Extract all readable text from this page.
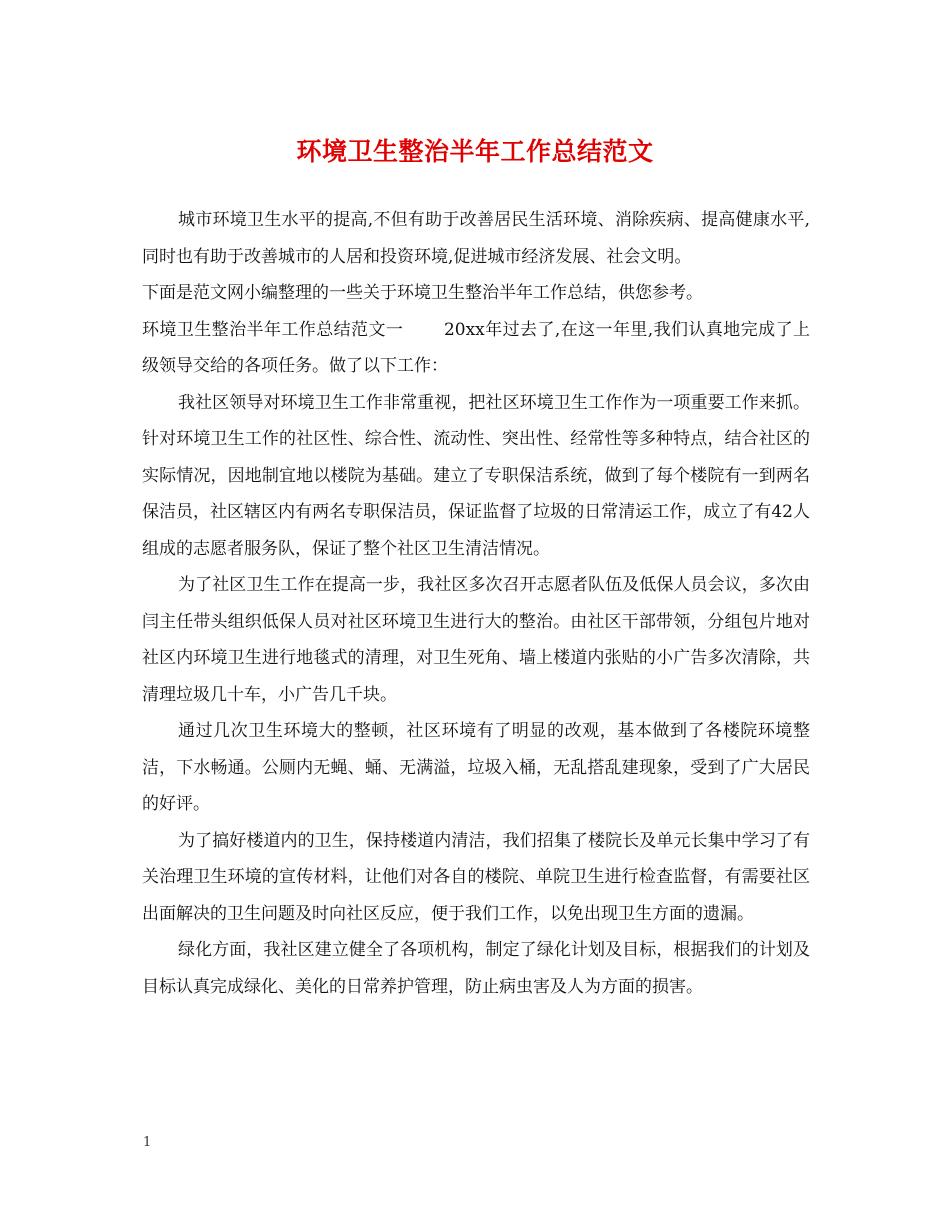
环境卫生整治半年工作总结范文

城市环境卫生水平的提高,不但有助于改善居民生活环境、消除疾病、提高健康水平,同时也有助于改善城市的人居和投资环境,促进城市经济发展、社会文明。

下面是范文网小编整理的一些关于环境卫生整治半年工作总结，供您参考。

环境卫生整治半年工作总结范文一　　 20xx年过去了,在这一年里,我们认真地完成了上级领导交给的各项任务。做了以下工作：

我社区领导对环境卫生工作非常重视，把社区环境卫生工作作为一项重要工作来抓。针对环境卫生工作的社区性、综合性、流动性、突出性、经常性等多种特点，结合社区的实际情况，因地制宜地以楼院为基础。建立了专职保洁系统，做到了每个楼院有一到两名保洁员，社区辖区内有两名专职保洁员，保证监督了垃圾的日常清运工作，成立了有42人组成的志愿者服务队，保证了整个社区卫生清洁情况。

为了社区卫生工作在提高一步，我社区多次召开志愿者队伍及低保人员会议，多次由闫主任带头组织低保人员对社区环境卫生进行大的整治。由社区干部带领，分组包片地对社区内环境卫生进行地毯式的清理，对卫生死角、墙上楼道内张贴的小广告多次清除，共清理垃圾几十车，小广告几千块。

通过几次卫生环境大的整顿，社区环境有了明显的改观，基本做到了各楼院环境整洁，下水畅通。公厕内无蝇、蛹、无满溢，垃圾入桶，无乱搭乱建现象，受到了广大居民的好评。

为了搞好楼道内的卫生，保持楼道内清洁，我们招集了楼院长及单元长集中学习了有关治理卫生环境的宣传材料，让他们对各自的楼院、单院卫生进行检查监督，有需要社区出面解决的卫生问题及时向社区反应，便于我们工作，以免出现卫生方面的遗漏。

绿化方面，我社区建立健全了各项机构，制定了绿化计划及目标，根据我们的计划及目标认真完成绿化、美化的日常养护管理，防止病虫害及人为方面的损害。

1
